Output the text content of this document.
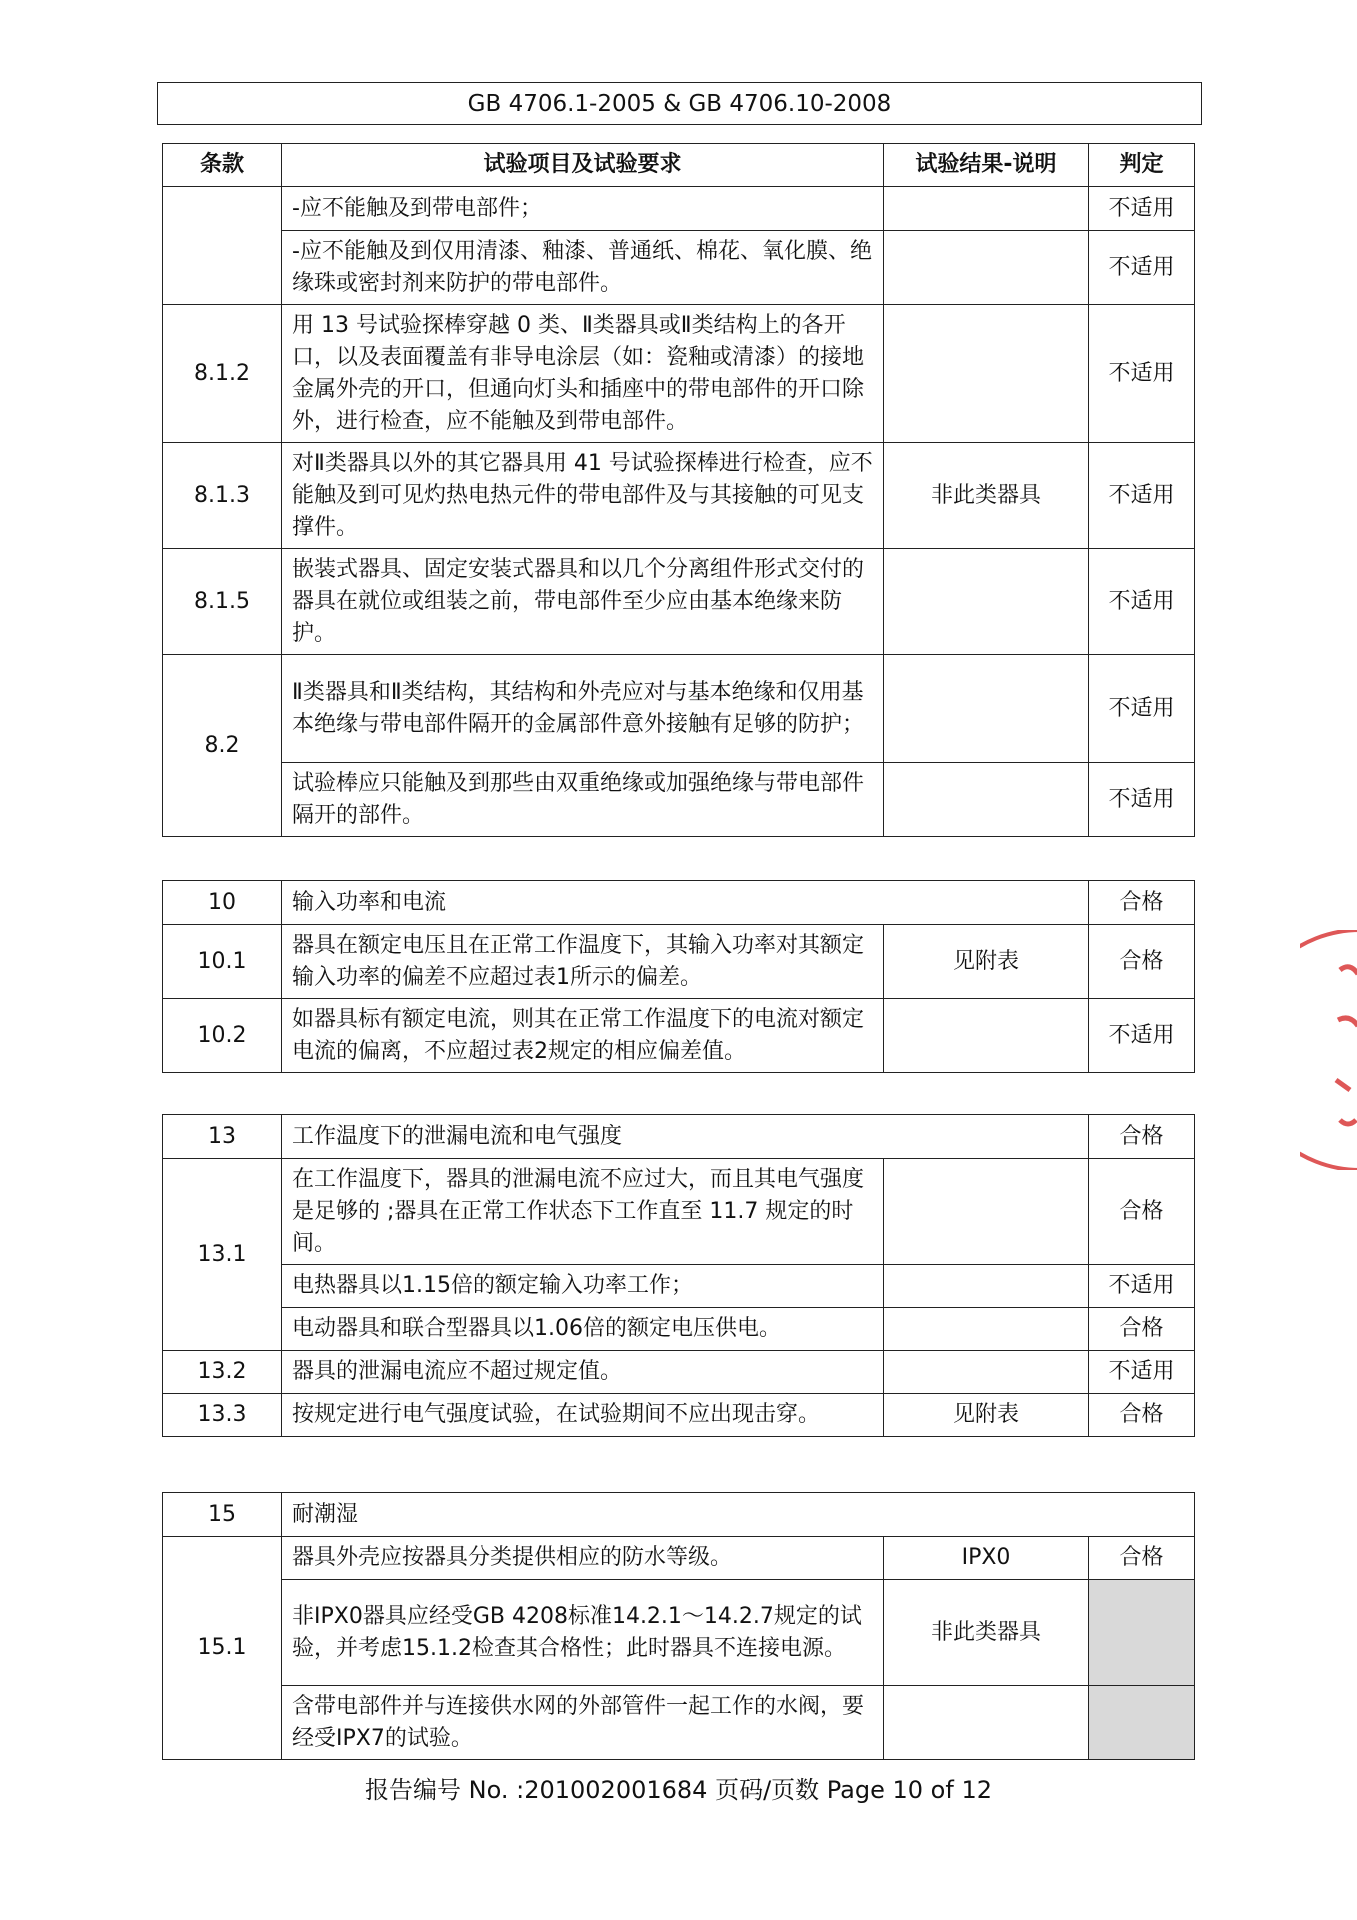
GB 4706.1-2005 & GB 4706.10-2008
条款	试验项目及试验要求	试验结果-说明	判定
	-应不能触及到带电部件；		不适用
	-应不能触及到仅用清漆、釉漆、普通纸、棉花、氧化膜、绝缘珠或密封剂来防护的带电部件。		不适用
8.1.2	用 13 号试验探棒穿越 0 类、Ⅱ类器具或Ⅱ类结构上的各开口，以及表面覆盖有非导电涂层（如：瓷釉或清漆）的接地金属外壳的开口，但通向灯头和插座中的带电部件的开口除外，进行检查，应不能触及到带电部件。		不适用
8.1.3	对Ⅱ类器具以外的其它器具用 41 号试验探棒进行检查，应不能触及到可见灼热电热元件的带电部件及与其接触的可见支撑件。	非此类器具	不适用
8.1.5	嵌装式器具、固定安装式器具和以几个分离组件形式交付的器具在就位或组装之前，带电部件至少应由基本绝缘来防护。		不适用
8.2	Ⅱ类器具和Ⅱ类结构，其结构和外壳应对与基本绝缘和仅用基本绝缘与带电部件隔开的金属部件意外接触有足够的防护；		不适用
	试验棒应只能触及到那些由双重绝缘或加强绝缘与带电部件隔开的部件。		不适用
10	输入功率和电流		合格
10.1	器具在额定电压且在正常工作温度下，其输入功率对其额定输入功率的偏差不应超过表1所示的偏差。	见附表	合格
10.2	如器具标有额定电流，则其在正常工作温度下的电流对额定电流的偏离，不应超过表2规定的相应偏差值。		不适用
13	工作温度下的泄漏电流和电气强度		合格
13.1	在工作温度下，器具的泄漏电流不应过大，而且其电气强度是足够的 ;器具在正常工作状态下工作直至 11.7 规定的时间。		合格
	电热器具以1.15倍的额定输入功率工作；		不适用
	电动器具和联合型器具以1.06倍的额定电压供电。		合格
13.2	器具的泄漏电流应不超过规定值。		不适用
13.3	按规定进行电气强度试验，在试验期间不应出现击穿。	见附表	合格
15	耐潮湿		
15.1	器具外壳应按器具分类提供相应的防水等级。	IPX0	合格
	非IPX0器具应经受GB 4208标准14.2.1～14.2.7规定的试验，并考虑15.1.2检查其合格性；此时器具不连接电源。	非此类器具	
	含带电部件并与连接供水网的外部管件一起工作的水阀，要经受IPX7的试验。		
报告编号 No. :201002001684 页码/页数 Page 10 of 12
